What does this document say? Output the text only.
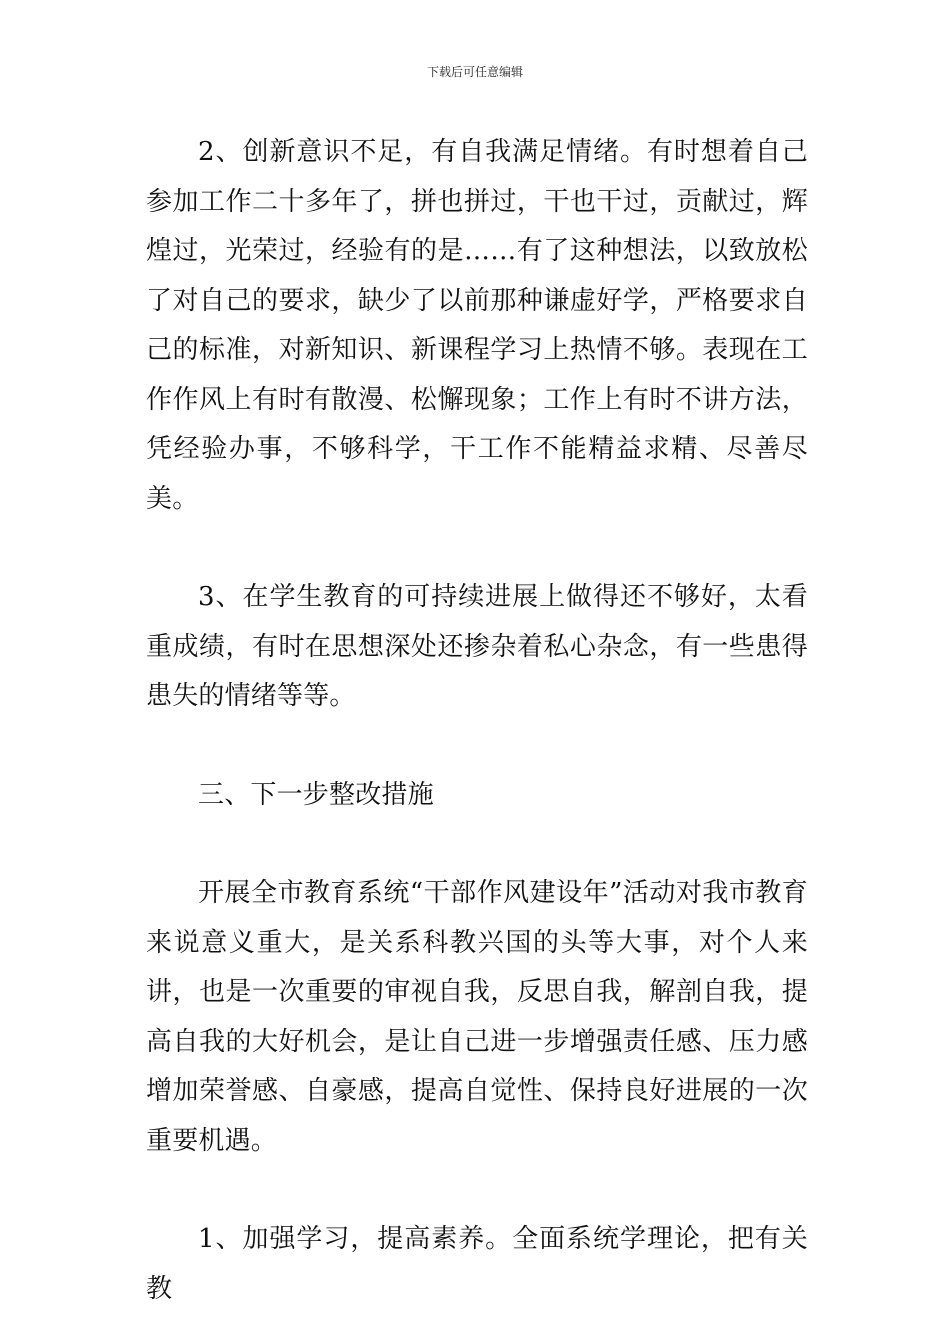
下载后可任意编辑

2、创新意识不足，有自我满足情绪。有时想着自己参加工作二十多年了，拼也拼过，干也干过，贡献过，辉煌过，光荣过，经验有的是……有了这种想法，以致放松了对自己的要求，缺少了以前那种谦虚好学，严格要求自己的标准，对新知识、新课程学习上热情不够。表现在工作作风上有时有散漫、松懈现象；工作上有时不讲方法，凭经验办事，不够科学，干工作不能精益求精、尽善尽美。

3、在学生教育的可持续进展上做得还不够好，太看重成绩，有时在思想深处还掺杂着私心杂念，有一些患得患失的情绪等等。

三、下一步整改措施

开展全市教育系统“干部作风建设年”活动对我市教育来说意义重大，是关系科教兴国的头等大事，对个人来讲，也是一次重要的审视自我，反思自我，解剖自我，提高自我的大好机会，是让自己进一步增强责任感、压力感增加荣誉感、自豪感，提高自觉性、保持良好进展的一次重要机遇。

1、加强学习，提高素养。全面系统学理论，把有关教
